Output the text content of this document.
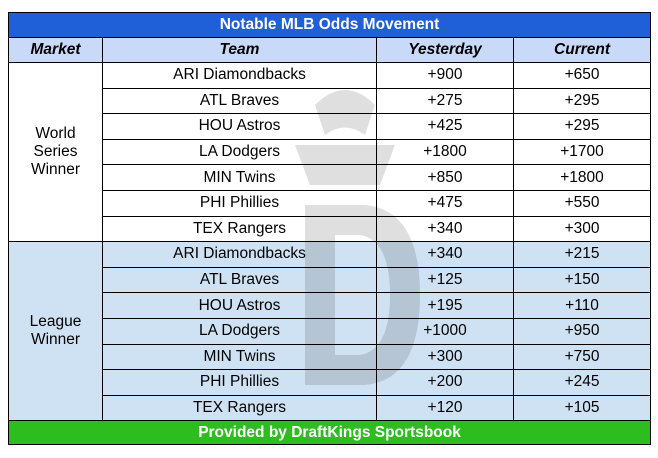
Notable MLB Odds Movement			
Market	Team	Yesterday	Current

World
Series
Winner	ARI Diamondbacks	+900	+650
	ATL Braves	+275	+295
	HOU Astros	+425	+295
	LA Dodgers	+1800	+1700
	MIN Twins	+850	+1800
	PHI Phillies	+475	+550
	TEX Rangers	+340	+300

League
Winner	ARI Diamondbacks	+340	+215
	ATL Braves	+125	+150
	HOU Astros	+195	+110
	LA Dodgers	+1000	+950
	MIN Twins	+300	+750
	PHI Phillies	+200	+245
	TEX Rangers	+120	+105
Provided by DraftKings Sportsbook			
